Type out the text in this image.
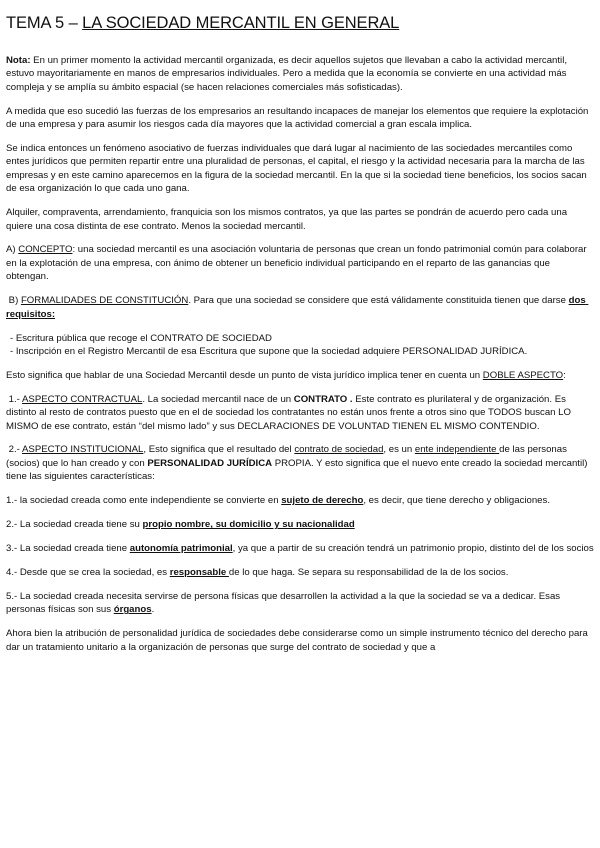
TEMA 5 – LA SOCIEDAD MERCANTIL EN GENERAL

Nota: En un primer momento la actividad mercantil organizada, es decir aquellos sujetos que llevaban a cabo la actividad mercantil, estuvo mayoritariamente en manos de empresarios individuales. Pero a medida que la economía se convierte en una actividad más compleja y se amplía su ámbito espacial (se hacen relaciones comerciales más sofisticadas).

A medida que eso sucedió las fuerzas de los empresarios an resultando incapaces de manejar los elementos que requiere la explotación de una empresa y para asumir los riesgos cada día mayores que la actividad comercial a gran escala implica.

Se indica entonces un fenómeno asociativo de fuerzas individuales que dará lugar al nacimiento de las sociedades mercantiles como entes jurídicos que permiten repartir entre una pluralidad de personas, el capital, el riesgo y la actividad necesaria para la marcha de las empresas y en este camino aparecemos en la figura de la sociedad mercantil. En la que si la sociedad tiene beneficios, los socios sacan de esa organización lo que cada uno gana.

Alquiler, compraventa, arrendamiento, franquicia son los mismos contratos, ya que las partes se pondrán de acuerdo pero cada una quiere una cosa distinta de ese contrato. Menos la sociedad mercantil.

A) CONCEPTO: una sociedad mercantil es una asociación voluntaria de personas que crean un fondo patrimonial común para colaborar en la explotación de una empresa, con ánimo de obtener un beneficio individual participando en el reparto de las ganancias que obtengan.

B) FORMALIDADES DE CONSTITUCIÓN. Para que una sociedad se considere que está válidamente constituida tienen que darse dos requisitos:

- Escritura pública que recoge el CONTRATO DE SOCIEDAD
- Inscripción en el Registro Mercantil de esa Escritura que supone que la sociedad adquiere PERSONALIDAD JURÍDICA.

Esto significa que hablar de una Sociedad Mercantil desde un punto de vista jurídico implica tener en cuenta un DOBLE ASPECTO:

1.- ASPECTO CONTRACTUAL. La sociedad mercantil nace de un CONTRATO . Este contrato es plurilateral y de organización. Es distinto al resto de contratos puesto que en el de sociedad los contratantes no están unos frente a otros sino que TODOS buscan LO MISMO de ese contrato, están “del mismo lado” y sus DECLARACIONES DE VOLUNTAD TIENEN EL MISMO CONTENDIO.

2.- ASPECTO INSTITUCIONAL, Esto significa que el resultado del contrato de sociedad, es un ente independiente de las personas (socios) que lo han creado y con PERSONALIDAD JURÍDICA PROPIA. Y esto significa que el nuevo ente creado la sociedad mercantil) tiene las siguientes características:

1.- la sociedad creada como ente independiente se convierte en sujeto de derecho, es decir, que tiene derecho y obligaciones.

2.- La sociedad creada tiene su propio nombre, su domicilio y su nacionalidad

3.- La sociedad creada tiene autonomía patrimonial, ya que a partir de su creación tendrá un patrimonio propio, distinto del de los socios

4.- Desde que se crea la sociedad, es responsable de lo que haga. Se separa su responsabilidad de la de los socios.

5.- La sociedad creada necesita servirse de persona físicas que desarrollen la actividad a la que la sociedad se va a dedicar. Esas personas físicas son sus órganos.

Ahora bien la atribución de personalidad jurídica de sociedades debe considerarse como un simple instrumento técnico del derecho para dar un tratamiento unitario a la organización de personas que surge del contrato de sociedad y que a
